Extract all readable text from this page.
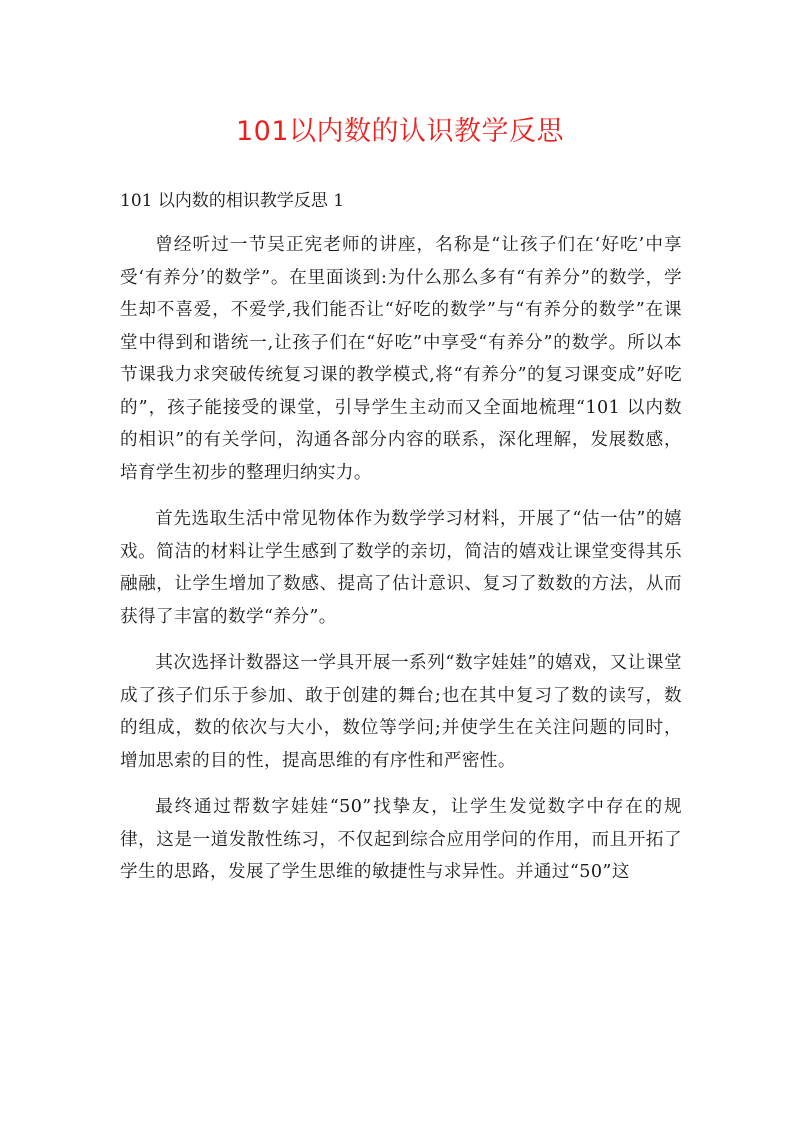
101以内数的认识教学反思
101 以内数的相识教学反思 1

曾经听过一节吴正宪老师的讲座，名称是“让孩子们在‘好吃’中享受‘有养分’的数学”。在里面谈到:为什么那么多有“有养分”的数学，学生却不喜爱，不爱学,我们能否让“好吃的数学”与“有养分的数学”在课堂中得到和谐统一,让孩子们在“好吃”中享受“有养分”的数学。所以本节课我力求突破传统复习课的教学模式,将“有养分”的复习课变成”好吃的”，孩子能接受的课堂，引导学生主动而又全面地梳理“101 以内数的相识”的有关学问，沟通各部分内容的联系，深化理解，发展数感，培育学生初步的整理归纳实力。

首先选取生活中常见物体作为数学学习材料，开展了“估一估”的嬉戏。简洁的材料让学生感到了数学的亲切，简洁的嬉戏让课堂变得其乐融融，让学生增加了数感、提高了估计意识、复习了数数的方法，从而获得了丰富的数学“养分”。

其次选择计数器这一学具开展一系列“数字娃娃”的嬉戏，又让课堂成了孩子们乐于参加、敢于创建的舞台;也在其中复习了数的读写，数的组成，数的依次与大小，数位等学问;并使学生在关注问题的同时，增加思索的目的性，提高思维的有序性和严密性。

最终通过帮数字娃娃“50”找挚友，让学生发觉数字中存在的规律，这是一道发散性练习，不仅起到综合应用学问的作用，而且开拓了学生的思路，发展了学生思维的敏捷性与求异性。并通过“50”这
